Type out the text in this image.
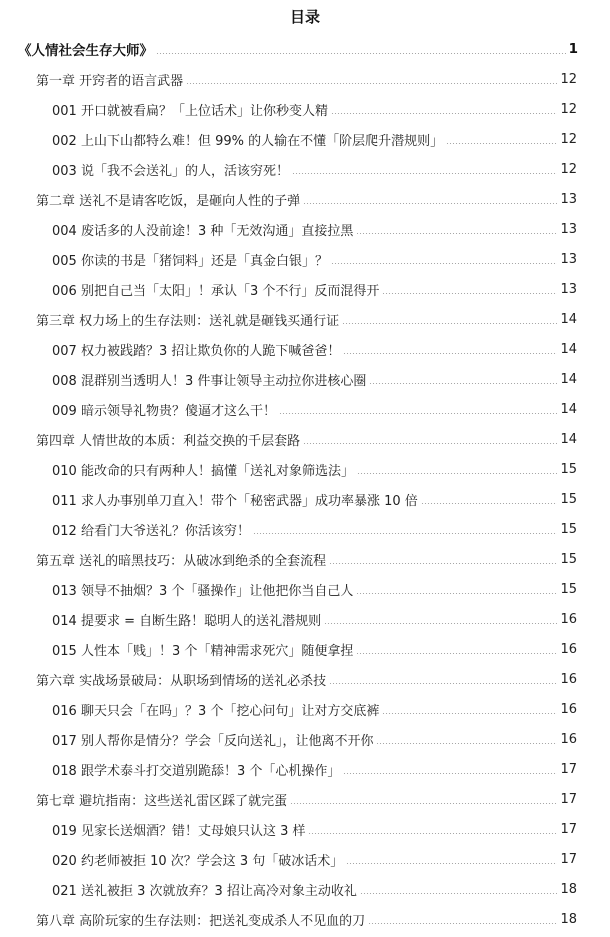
目录
《人情社会生存大师》	1
第一章 开窍者的语言武器	12
001 开口就被看扁？「上位话术」让你秒变人精	12
002 上山下山都特么难！但 99% 的人输在不懂「阶层爬升潜规则」	12
003 说「我不会送礼」的人，活该穷死！	12
第二章 送礼不是请客吃饭，是砸向人性的子弹	13
004 废话多的人没前途！3 种「无效沟通」直接拉黑	13
005 你读的书是「猪饲料」还是「真金白银」？	13
006 别把自己当「太阳」！承认「3 个不行」反而混得开	13
第三章 权力场上的生存法则：送礼就是砸钱买通行证	14
007 权力被践踏？3 招让欺负你的人跪下喊爸爸！	14
008 混群别当透明人！3 件事让领导主动拉你进核心圈	14
009 暗示领导礼物贵？傻逼才这么干！	14
第四章 人情世故的本质：利益交换的千层套路	14
010 能改命的只有两种人！搞懂「送礼对象筛选法」	15
011 求人办事别单刀直入！带个「秘密武器」成功率暴涨 10 倍	15
012 给看门大爷送礼？你活该穷！	15
第五章 送礼的暗黑技巧：从破冰到绝杀的全套流程	15
013 领导不抽烟？3 个「骚操作」让他把你当自己人	15
014 提要求 = 自断生路！聪明人的送礼潜规则	16
015 人性本「贱」！3 个「精神需求死穴」随便拿捏	16
第六章 实战场景破局：从职场到情场的送礼必杀技	16
016 聊天只会「在吗」？3 个「挖心问句」让对方交底裤	16
017 别人帮你是情分？学会「反向送礼」，让他离不开你	16
018 跟学术泰斗打交道别跪舔！3 个「心机操作」	17
第七章 避坑指南：这些送礼雷区踩了就完蛋	17
019 见家长送烟酒？错！丈母娘只认这 3 样	17
020 约老师被拒 10 次？学会这 3 句「破冰话术」	17
021 送礼被拒 3 次就放弃？3 招让高冷对象主动收礼	18
第八章 高阶玩家的生存法则：把送礼变成杀人不见血的刀	18
